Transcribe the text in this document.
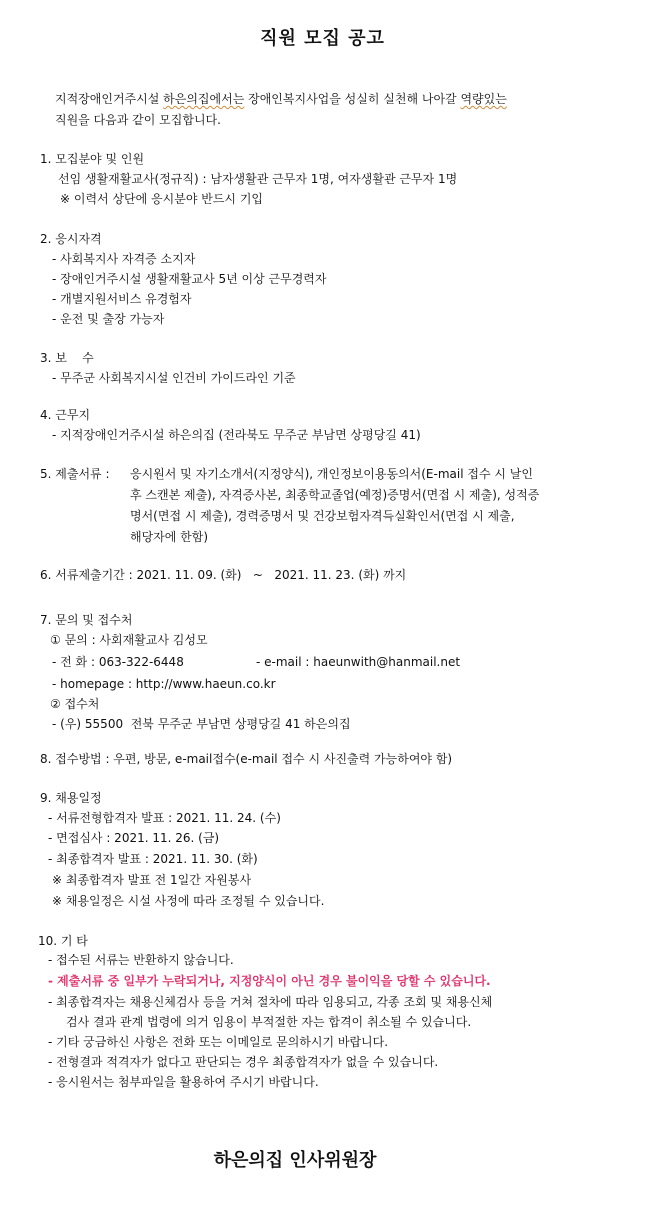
직원 모집 공고
지적장애인거주시설 하은의집에서는 장애인복지사업을 성실히 실천해 나아갈 역량있는
직원을 다음과 같이 모집합니다.
1. 모집분야 및 인원
선임 생활재활교사(정규직) : 남자생활관 근무자 1명, 여자생활관 근무자 1명
※ 이력서 상단에 응시분야 반드시 기입
2. 응시자격
- 사회복지사 자격증 소지자
- 장애인거주시설 생활재활교사 5년 이상 근무경력자
- 개별지원서비스 유경험자
- 운전 및 출장 가능자
3. 보    수
- 무주군 사회복지시설 인건비 가이드라인 기준
4. 근무지
- 지적장애인거주시설 하은의집 (전라북도 무주군 부남면 상평당길 41)
5. 제출서류 : 응시원서 및 자기소개서(지정양식), 개인정보이용동의서(E-mail 접수 시 날인
후 스캔본 제출), 자격증사본, 최종학교졸업(예정)증명서(면접 시 제출), 성적증
명서(면접 시 제출), 경력증명서 및 건강보험자격득실확인서(면접 시 제출,
해당자에 한함)
6. 서류제출기간 : 2021. 11. 09. (화)   ~   2021. 11. 23. (화) 까지
7. 문의 및 접수처
① 문의 : 사회재활교사 김성모
- 전 화 : 063-322-6448	- e-mail : haeunwith@hanmail.net
- homepage : http://www.haeun.co.kr
② 접수처
- (우) 55500  전북 무주군 부남면 상평당길 41 하은의집
8. 접수방법 : 우편, 방문, e-mail접수(e-mail 접수 시 사진출력 가능하여야 함)
9. 채용일정
- 서류전형합격자 발표 : 2021. 11. 24. (수)
- 면접심사 : 2021. 11. 26. (금)
- 최종합격자 발표 : 2021. 11. 30. (화)
※ 최종합격자 발표 전 1일간 자원봉사
※ 채용일정은 시설 사정에 따라 조정될 수 있습니다.
10. 기 타
- 접수된 서류는 반환하지 않습니다.
- 제출서류 중 일부가 누락되거나, 지정양식이 아닌 경우 불이익을 당할 수 있습니다.
- 최종합격자는 채용신체검사 등을 거쳐 절차에 따라 임용되고, 각종 조회 및 채용신체
검사 결과 관계 법령에 의거 임용이 부적절한 자는 합격이 취소될 수 있습니다.
- 기타 궁금하신 사항은 전화 또는 이메일로 문의하시기 바랍니다.
- 전형결과 적격자가 없다고 판단되는 경우 최종합격자가 없을 수 있습니다.
- 응시원서는 첨부파일을 활용하여 주시기 바랍니다.
하은의집 인사위원장
